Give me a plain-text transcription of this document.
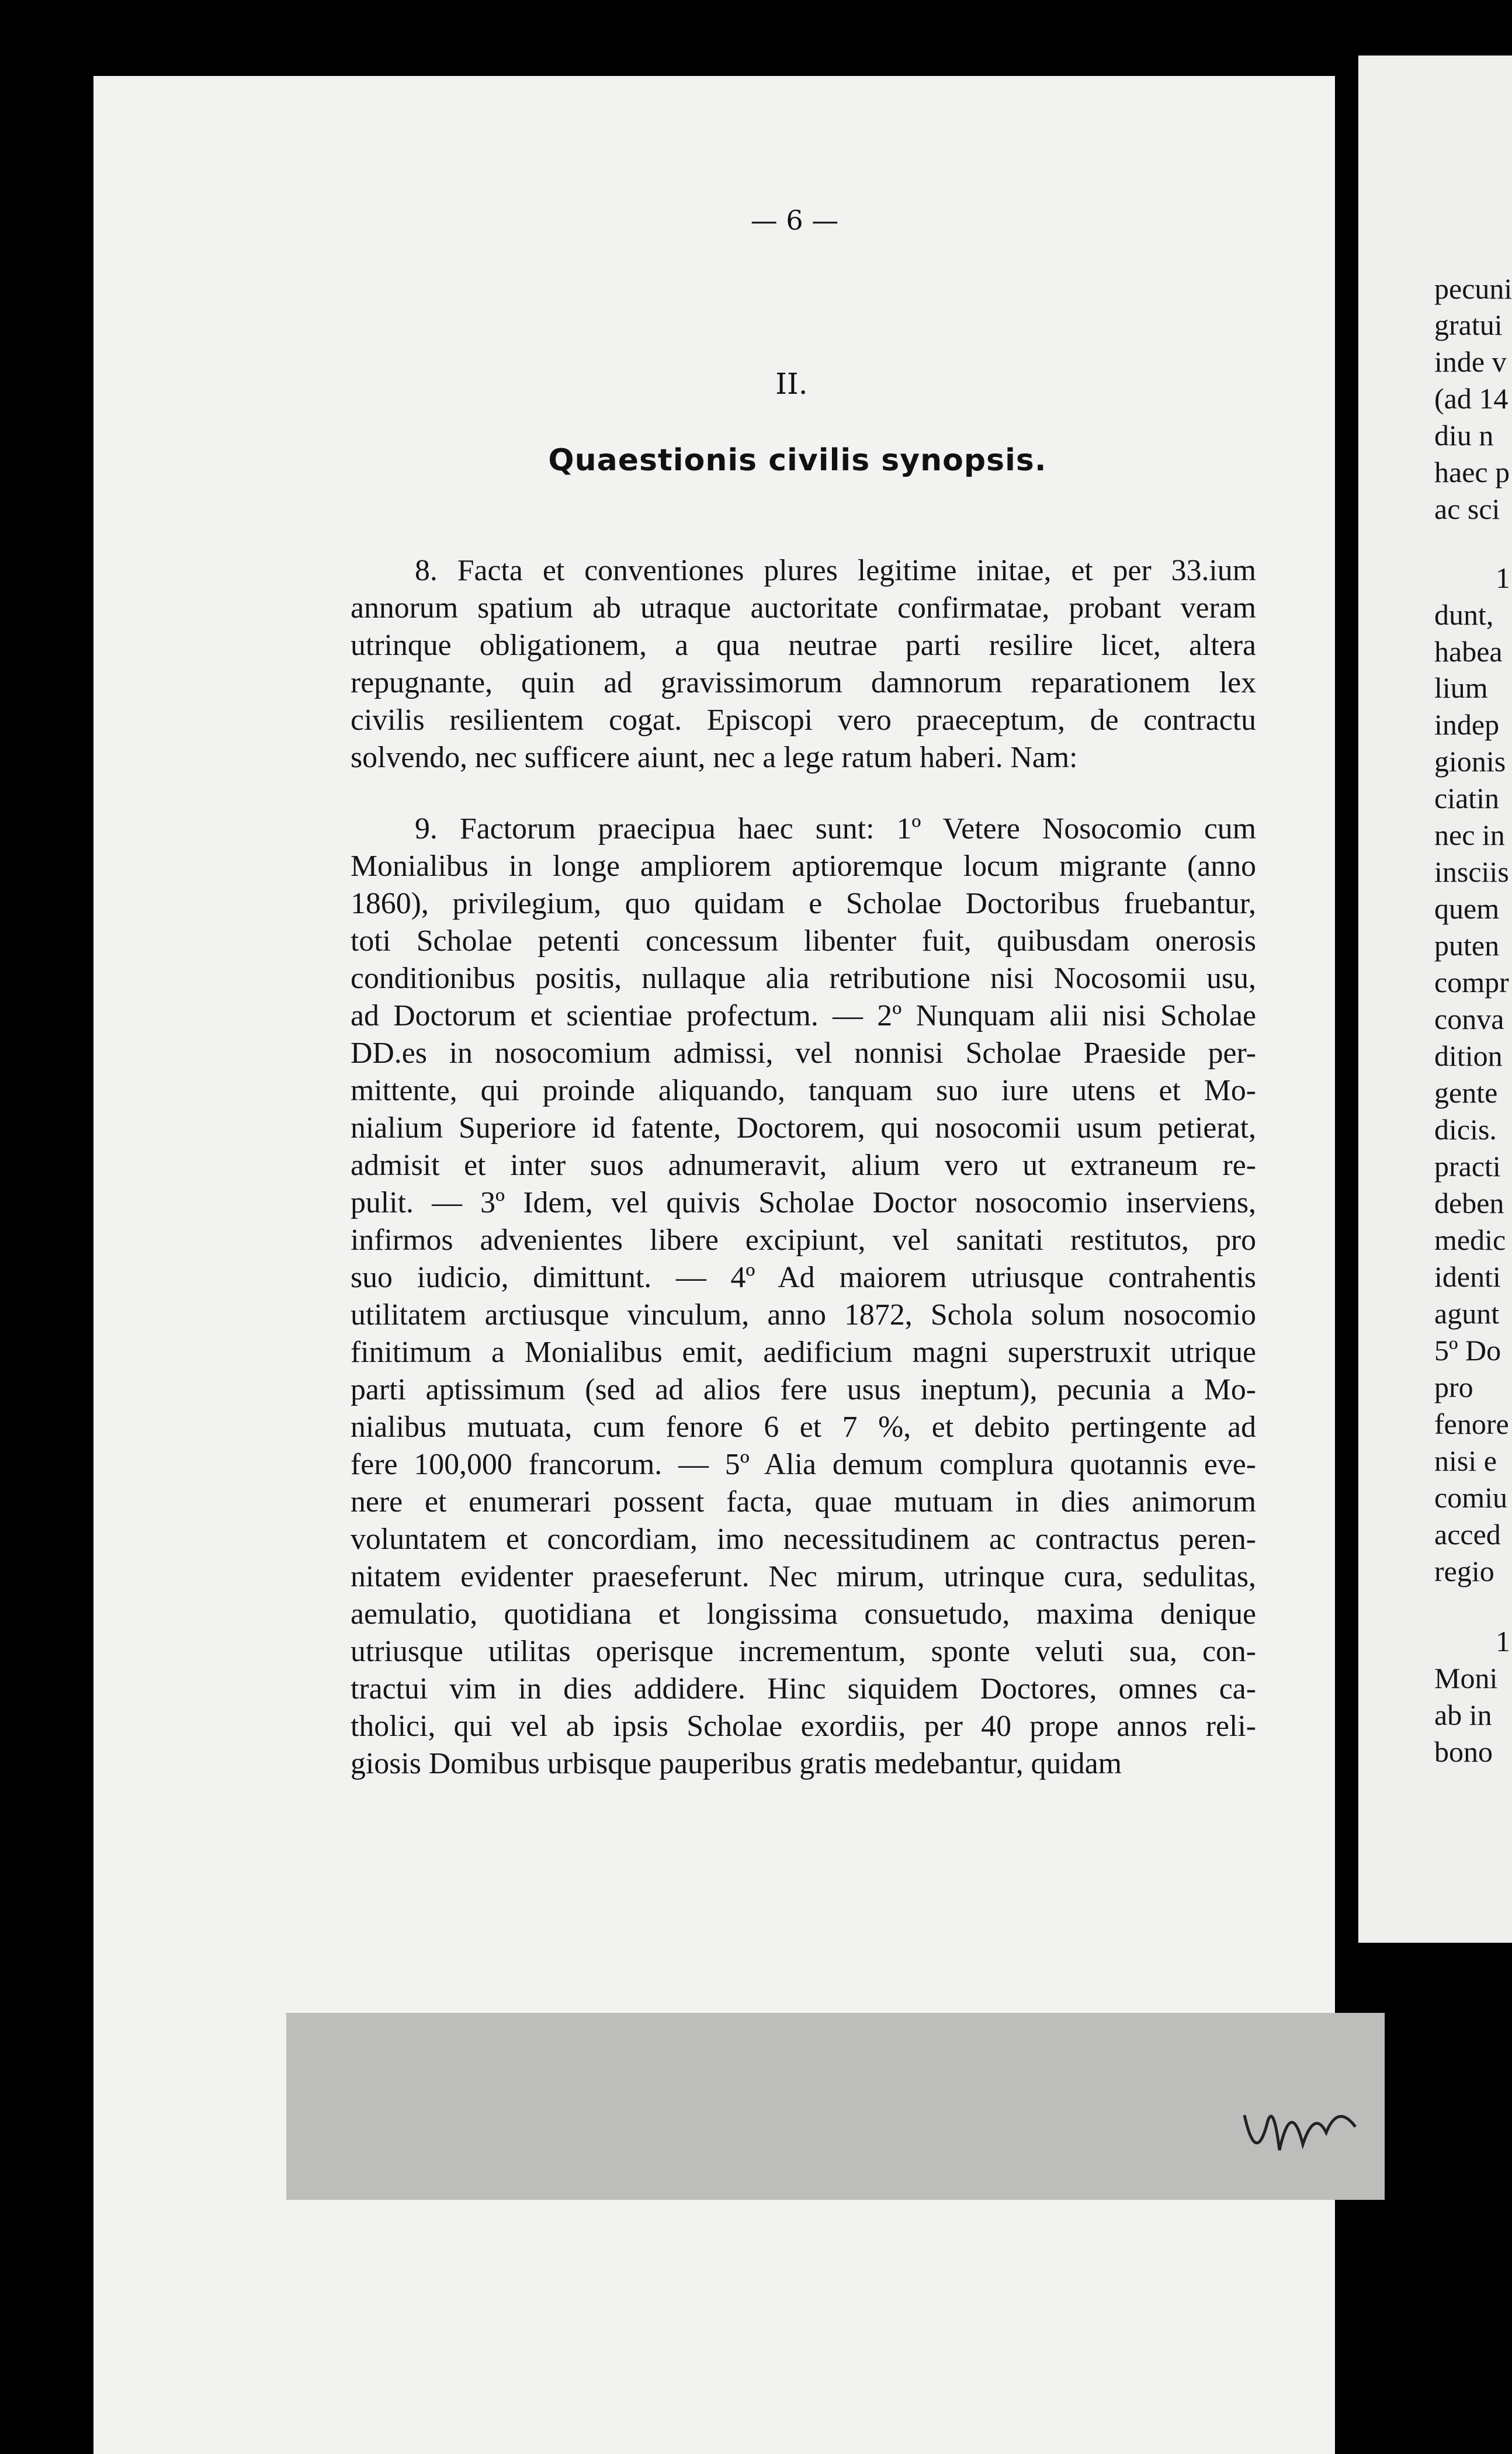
— 6 —
II.
Quaestionis civilis synopsis.
8. Facta et conventiones plures legitime initae, et per 33.ium
annorum spatium ab utraque auctoritate confirmatae, probant veram
utrinque obligationem, a qua neutrae parti resilire licet, altera
repugnante, quin ad gravissimorum damnorum reparationem lex
civilis resilientem cogat. Episcopi vero praeceptum, de contractu
solvendo, nec sufficere aiunt, nec a lege ratum haberi. Nam:
9. Factorum praecipua haec sunt: 1º Vetere Nosocomio cum
Monialibus in longe ampliorem aptioremque locum migrante (anno
1860), privilegium, quo quidam e Scholae Doctoribus fruebantur,
toti Scholae petenti concessum libenter fuit, quibusdam onerosis
conditionibus positis, nullaque alia retributione nisi Nocosomii usu,
ad Doctorum et scientiae profectum. — 2º Nunquam alii nisi Scholae
DD.es in nosocomium admissi, vel nonnisi Scholae Praeside per-
mittente, qui proinde aliquando, tanquam suo iure utens et Mo-
nialium Superiore id fatente, Doctorem, qui nosocomii usum petierat,
admisit et inter suos adnumeravit, alium vero ut extraneum re-
pulit. — 3º Idem, vel quivis Scholae Doctor nosocomio inserviens,
infirmos advenientes libere excipiunt, vel sanitati restitutos, pro
suo iudicio, dimittunt. — 4º Ad maiorem utriusque contrahentis
utilitatem arctiusque vinculum, anno 1872, Schola solum nosocomio
finitimum a Monialibus emit, aedificium magni superstruxit utrique
parti aptissimum (sed ad alios fere usus ineptum), pecunia a Mo-
nialibus mutuata, cum fenore 6 et 7 %, et debito pertingente ad
fere 100,000 francorum. — 5º Alia demum complura quotannis eve-
nere et enumerari possent facta, quae mutuam in dies animorum
voluntatem et concordiam, imo necessitudinem ac contractus peren-
nitatem evidenter praeseferunt. Nec mirum, utrinque cura, sedulitas,
aemulatio, quotidiana et longissima consuetudo, maxima denique
utriusque utilitas operisque incrementum, sponte veluti sua, con-
tractui vim in dies addidere. Hinc siquidem Doctores, omnes ca-
tholici, qui vel ab ipsis Scholae exordiis, per 40 prope annos reli-
giosis Domibus urbisque pauperibus gratis medebantur, quidam
pecuni
gratui
inde v
(ad 14
diu n
haec p
ac sci
1
dunt,
habea
lium
indep
gionis
ciatin
nec in
insciis
quem
puten
compr
conva
dition
gente
dicis.
practi
deben
medic
identi
agunt
5º Do
pro
fenore
nisi e
comiu
acced
regio
1
Moni
ab in
bono
